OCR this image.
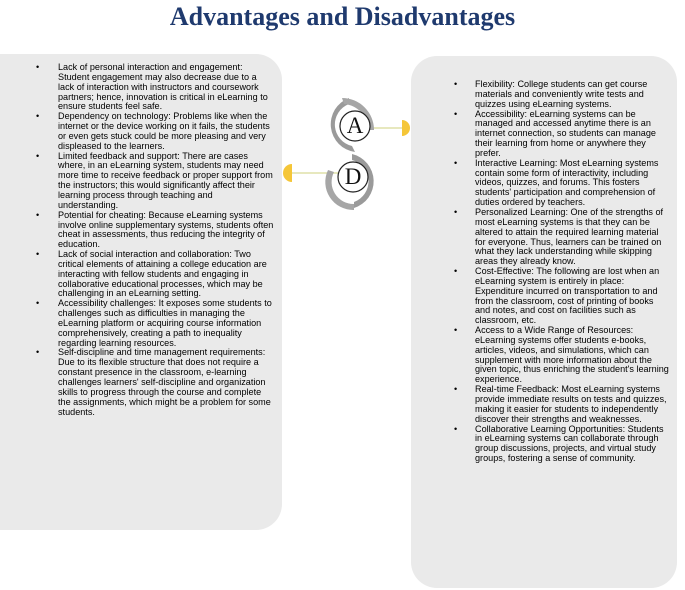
Advantages and Disadvantages
• Lack of personal interaction and engagement: Student engagement may also decrease due to a lack of interaction with instructors and coursework partners; hence, innovation is critical in eLearning to ensure students feel safe.
• Dependency on technology: Problems like when the internet or the device working on it fails, the students or even gets stuck could be more pleasing and very displeased to the learners.
• Limited feedback and support: There are cases where, in an eLearning system, students may need more time to receive feedback or proper support from the instructors; this would significantly affect their learning process through teaching and understanding.
• Potential for cheating: Because eLearning systems involve online supplementary systems, students often cheat in assessments, thus reducing the integrity of education.
• Lack of social interaction and collaboration: Two critical elements of attaining a college education are interacting with fellow students and engaging in collaborative educational processes, which may be challenging in an eLearning setting.
• Accessibility challenges: It exposes some students to challenges such as difficulties in managing the eLearning platform or acquiring course information comprehensively, creating a path to inequality regarding learning resources.
• Self-discipline and time management requirements: Due to its flexible structure that does not require a constant presence in the classroom, e-learning challenges learners' self-discipline and organization skills to progress through the course and complete the assignments, which might be a problem for some students.
• Flexibility: College students can get course materials and conveniently write tests and quizzes using eLearning systems.
• Accessibility: eLearning systems can be managed and accessed anytime there is an internet connection, so students can manage their learning from home or anywhere they prefer.
• Interactive Learning: Most eLearning systems contain some form of interactivity, including videos, quizzes, and forums. This fosters students' participation and comprehension of duties ordered by teachers.
• Personalized Learning: One of the strengths of most eLearning systems is that they can be altered to attain the required learning material for everyone. Thus, learners can be trained on what they lack understanding while skipping areas they already know.
• Cost-Effective: The following are lost when an eLearning system is entirely in place: Expenditure incurred on transportation to and from the classroom, cost of printing of books and notes, and cost on facilities such as classroom, etc.
• Access to a Wide Range of Resources: eLearning systems offer students e-books, articles, videos, and simulations, which can supplement with more information about the given topic, thus enriching the student's learning experience.
• Real-time Feedback: Most eLearning systems provide immediate results on tests and quizzes, making it easier for students to independently discover their strengths and weaknesses.
• Collaborative Learning Opportunities: Students in eLearning systems can collaborate through group discussions, projects, and virtual study groups, fostering a sense of community.
A
D
